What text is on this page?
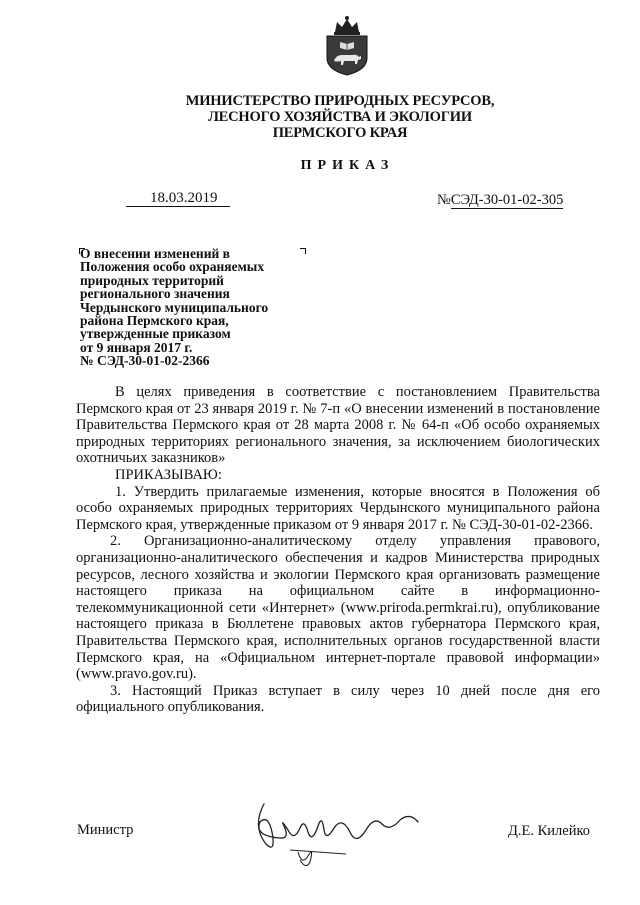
МИНИСТЕРСТВО ПРИРОДНЫХ РЕСУРСОВ,
ЛЕСНОГО ХОЗЯЙСТВА И ЭКОЛОГИИ
ПЕРМСКОГО КРАЯ
ПРИКАЗ
18.03.2019	№СЭД-30-01-02-305
О внесении изменений в
Положения особо охраняемых
природных территорий
регионального значения
Чердынского муниципального
района Пермского края,
утвержденные приказом
от 9 января 2017 г.
№ СЭД-30-01-02-2366

В целях приведения в соответствие с постановлением Правительства Пермского края от 23 января 2019 г. № 7-п «О внесении изменений в постановление Правительства Пермского края от 28 марта 2008 г. № 64-п «Об особо охраняемых природных территориях регионального значения, за исключением биологических охотничьих заказников»

ПРИКАЗЫВАЮ:

1. Утвердить прилагаемые изменения, которые вносятся в Положения об особо охраняемых природных территориях Чердынского муниципального района Пермского края, утвержденные приказом от 9 января 2017 г. № СЭД-30-01-02-2366.

2. Организационно-аналитическому отделу управления правового, организационно-аналитического обеспечения и кадров Министерства природных ресурсов, лесного хозяйства и экологии Пермского края организовать размещение настоящего приказа на официальном сайте в информационно-телекоммуникационной сети «Интернет» (www.priroda.permkrai.ru), опубликование настоящего приказа в Бюллетене правовых актов губернатора Пермского края, Правительства Пермского края, исполнительных органов государственной власти Пермского края, на «Официальном интернет-портале правовой информации» (www.pravo.gov.ru).

3. Настоящий Приказ вступает в силу через 10 дней после дня его официального опубликования.

Министр	Д.Е. Килейко
